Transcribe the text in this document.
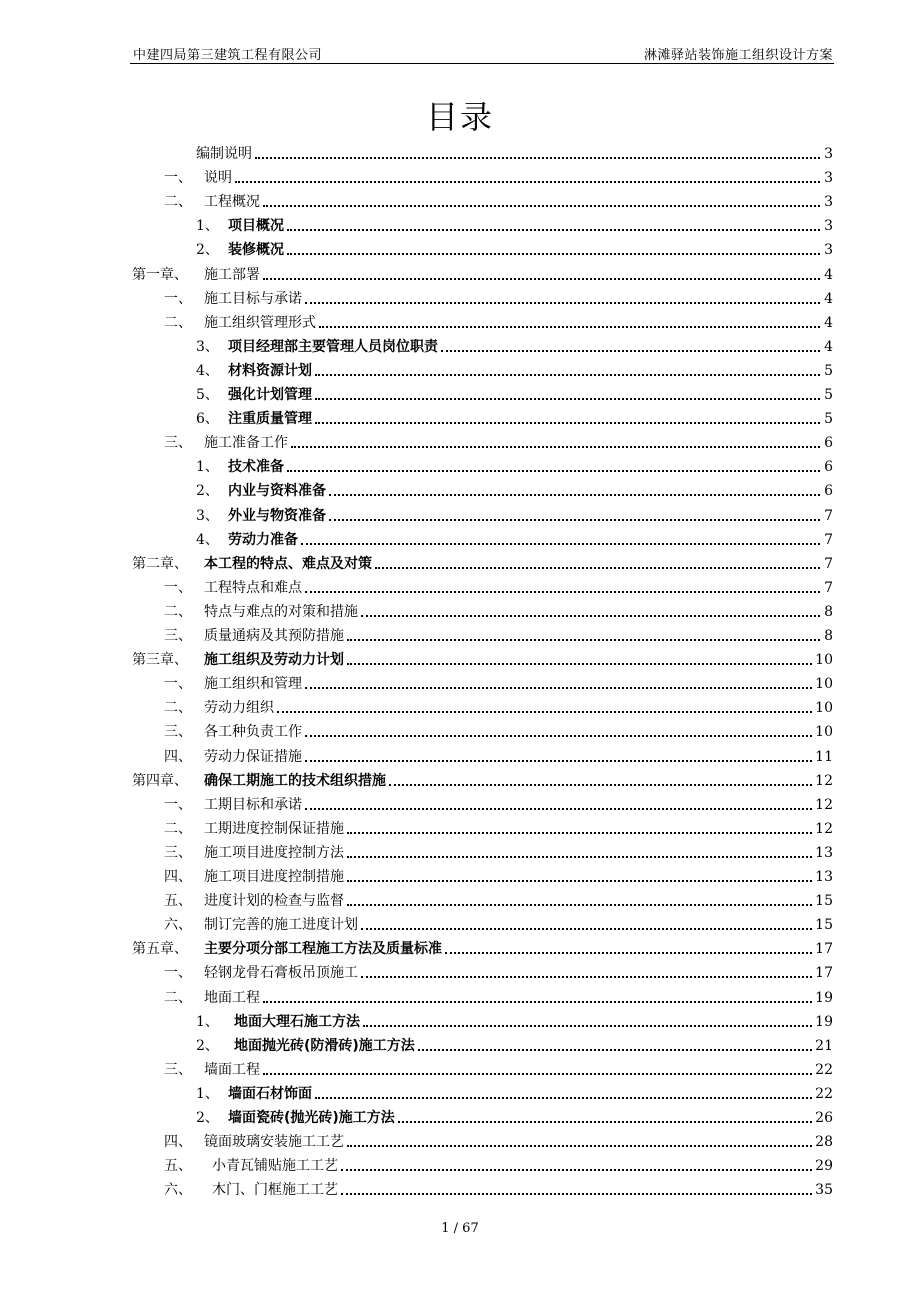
中建四局第三建筑工程有限公司	淋滩驿站装饰施工组织设计方案
目录
编制说明	3
一、 说明	3
二、 工程概况	3
1、 项目概况	3
2、 装修概况	3
第一章、	施工部署	4
一、 施工目标与承诺	4
二、 施工组织管理形式	4
3、 项目经理部主要管理人员岗位职责	4
4、 材料资源计划	5
5、 强化计划管理	5
6、 注重质量管理	5
三、 施工准备工作	6
1、 技术准备	6
2、 内业与资料准备	6
3、 外业与物资准备	7
4、 劳动力准备	7
第二章、	本工程的特点、难点及对策	7
一、 工程特点和难点	7
二、 特点与难点的对策和措施	8
三、 质量通病及其预防措施	8
第三章、	施工组织及劳动力计划	10
一、 施工组织和管理	10
二、 劳动力组织	10
三、 各工种负责工作	10
四、 劳动力保证措施	11
第四章、	确保工期施工的技术组织措施	12
一、 工期目标和承诺	12
二、 工期进度控制保证措施	12
三、 施工项目进度控制方法	13
四、 施工项目进度控制措施	13
五、 进度计划的检查与监督	15
六、 制订完善的施工进度计划	15
第五章、	主要分项分部工程施工方法及质量标准	17
一、 轻钢龙骨石膏板吊顶施工	17
二、 地面工程	19
1、	地面大理石施工方法	19
2、	地面抛光砖(防滑砖)施工方法	21
三、 墙面工程	22
1、 墙面石材饰面	22
2、 墙面瓷砖(抛光砖)施工方法	26
四、 镜面玻璃安装施工工艺	28
五、	小青瓦铺贴施工工艺	29
六、	木门、门框施工工艺	35
1 / 67
